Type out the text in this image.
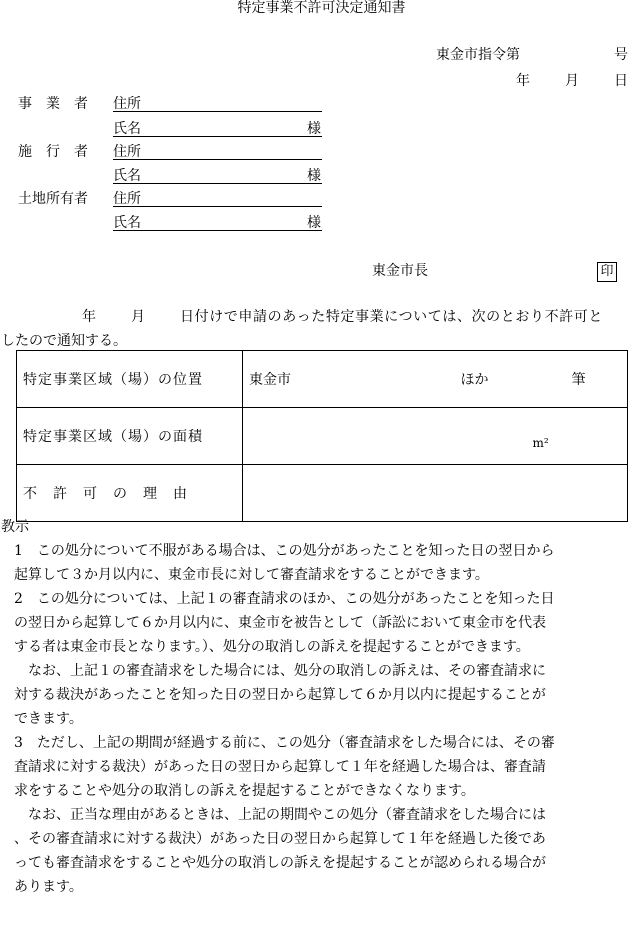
特定事業不許可決定通知書
東金市指令第	号
年	月	日
事　業　者 住所
氏名	様
施　行　者 住所
氏名	様
土地所有者 住所
氏名	様
東金市長	印
年	月	日付けで申請のあった特定事業については、次のとおり不許可と
したので通知する。
特定事業区域（場）の位置	東金市 ほか 筆

特定事業区域（場）の面積	m²

不　許　可　の　理　由	

教示

　1　この処分について不服がある場合は、この処分があったことを知った日の翌日から

　起算して３か月以内に、東金市長に対して審査請求をすることができます。

　2　この処分については、上記１の審査請求のほか、この処分があったことを知った日

　の翌日から起算して６か月以内に、東金市を被告として（訴訟において東金市を代表

　する者は東金市長となります。）、処分の取消しの訴えを提起することができます。

　　なお、上記１の審査請求をした場合には、処分の取消しの訴えは、その審査請求に

　対する裁決があったことを知った日の翌日から起算して６か月以内に提起することが

　できます。

　3　ただし、上記の期間が経過する前に、この処分（審査請求をした場合には、その審

　査請求に対する裁決）があった日の翌日から起算して１年を経過した場合は、審査請

　求をすることや処分の取消しの訴えを提起することができなくなります。

　　なお、正当な理由があるときは、上記の期間やこの処分（審査請求をした場合には

　、その審査請求に対する裁決）があった日の翌日から起算して１年を経過した後であ

　っても審査請求をすることや処分の取消しの訴えを提起することが認められる場合が

　あります。
